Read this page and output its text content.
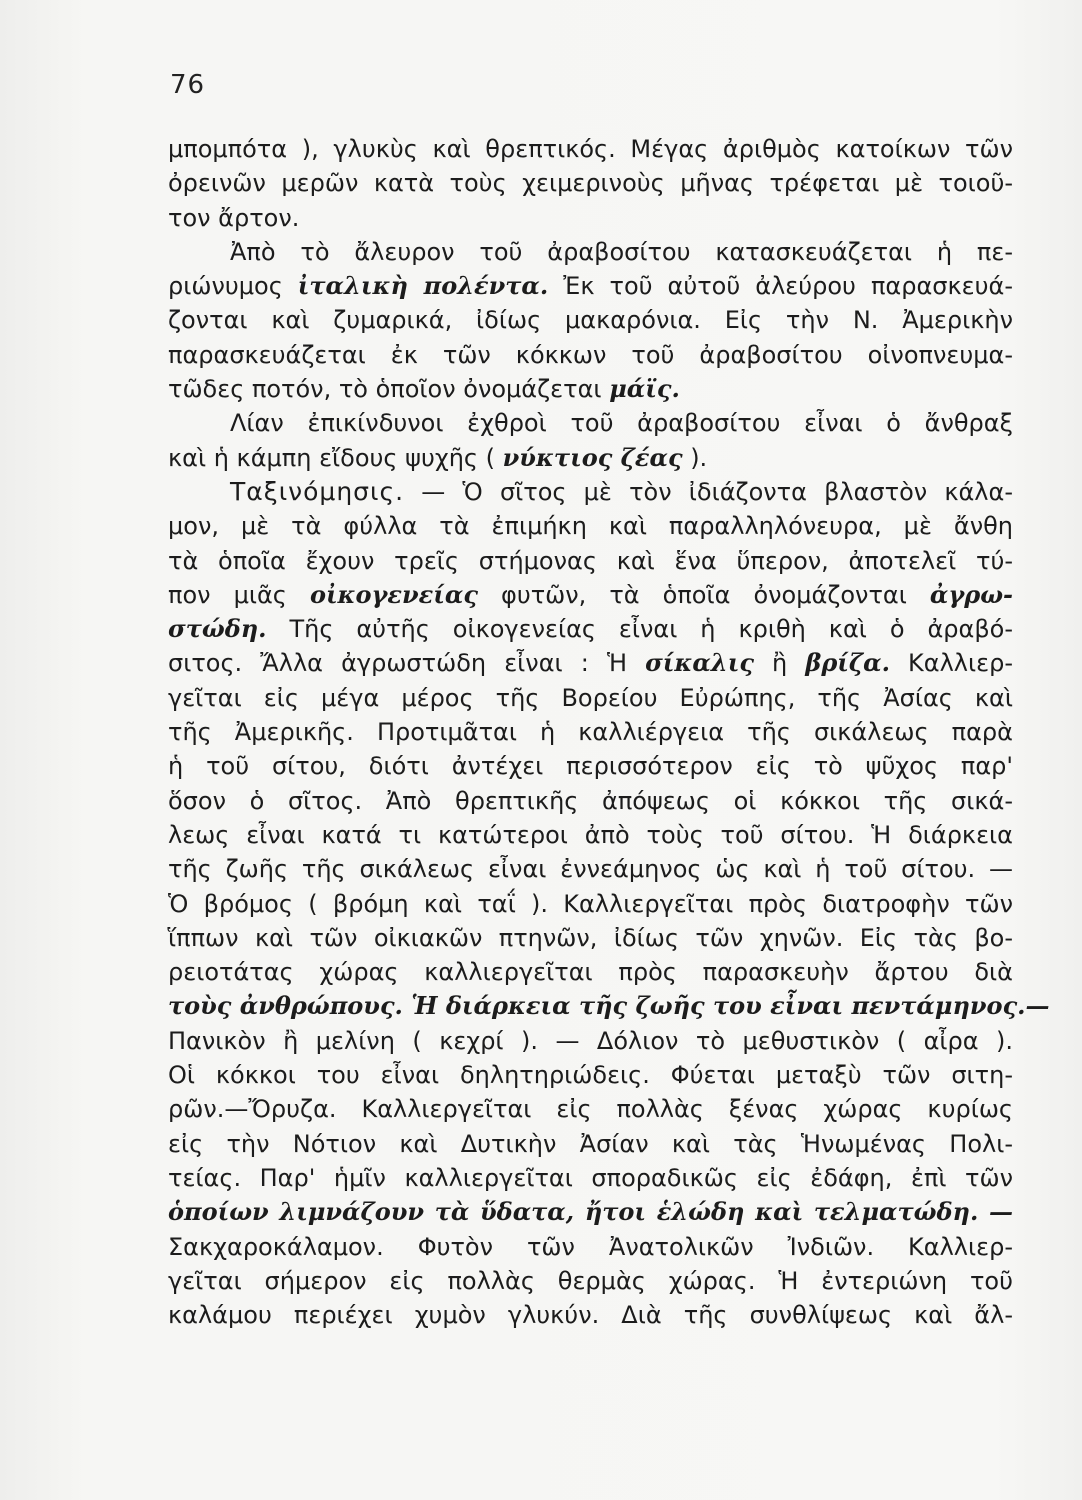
76
μπομπότα ), γλυκὺς καὶ θρεπτικός. Μέγας ἀριθμὸς κατοίκων τῶν
ὀρεινῶν μερῶν κατὰ τοὺς χειμερινοὺς μῆνας τρέφεται μὲ τοιοῦ-
τον ἄρτον.
Ἀπὸ τὸ ἄλευρον τοῦ ἀραβοσίτου κατασκευάζεται ἡ πε-
ριώνυμος ἰταλικὴ πολέντα. Ἐκ τοῦ αὐτοῦ ἀλεύρου παρασκευά-
ζονται καὶ ζυμαρικά, ἰδίως μακαρόνια. Εἰς τὴν Ν. Ἀμερικὴν
παρασκευάζεται ἐκ τῶν κόκκων τοῦ ἀραβοσίτου οἰνοπνευμα-
τῶδες ποτόν, τὸ ὁποῖον ὀνομάζεται μάϊς.
Λίαν ἐπικίνδυνοι ἐχθροὶ τοῦ ἀραβοσίτου εἶναι ὁ ἄνθραξ
καὶ ἡ κάμπη εἴδους ψυχῆς ( νύκτιος ζέας ).
Ταξινόμησις. — Ὁ σῖτος μὲ τὸν ἰδιάζοντα βλαστὸν κάλα-
μον, μὲ τὰ φύλλα τὰ ἐπιμήκη καὶ παραλληλόνευρα, μὲ ἄνθη
τὰ ὁποῖα ἔχουν τρεῖς στήμονας καὶ ἕνα ὕπερον, ἀποτελεῖ τύ-
πον μιᾶς οἰκογενείας φυτῶν, τὰ ὁποῖα ὀνομάζονται ἀγρω-
στώδη. Τῆς αὐτῆς οἰκογενείας εἶναι ἡ κριθὴ καὶ ὁ ἀραβό-
σιτος. Ἄλλα ἀγρωστώδη εἶναι : Ἡ σίκαλις ἢ βρίζα. Καλλιερ-
γεῖται εἰς μέγα μέρος τῆς Βορείου Εὐρώπης, τῆς Ἀσίας καὶ
τῆς Ἀμερικῆς. Προτιμᾶται ἡ καλλιέργεια τῆς σικάλεως παρὰ
ἡ τοῦ σίτου, διότι ἀντέχει περισσότερον εἰς τὸ ψῦχος παρ'
ὅσον ὁ σῖτος. Ἀπὸ θρεπτικῆς ἀπόψεως οἱ κόκκοι τῆς σικά-
λεως εἶναι κατά τι κατώτεροι ἀπὸ τοὺς τοῦ σίτου. Ἡ διάρκεια
τῆς ζωῆς τῆς σικάλεως εἶναι ἐννεάμηνος ὡς καὶ ἡ τοῦ σίτου. —
Ὁ βρόμος ( βρόμη καὶ ταΐ ). Καλλιεργεῖται πρὸς διατροφὴν τῶν
ἵππων καὶ τῶν οἰκιακῶν πτηνῶν, ἰδίως τῶν χηνῶν. Εἰς τὰς βο-
ρειοτάτας χώρας καλλιεργεῖται πρὸς παρασκευὴν ἄρτου διὰ
τοὺς ἀνθρώπους. Ἡ διάρκεια τῆς ζωῆς του εἶναι πεντάμηνος.—
Πανικὸν ἢ μελίνη ( κεχρί ). — Δόλιον τὸ μεθυστικὸν ( αἶρα ).
Οἱ κόκκοι του εἶναι δηλητηριώδεις. Φύεται μεταξὺ τῶν σιτη-
ρῶν.—Ὄρυζα. Καλλιεργεῖται εἰς πολλὰς ξένας χώρας κυρίως
εἰς τὴν Νότιον καὶ Δυτικὴν Ἀσίαν καὶ τὰς Ἡνωμένας Πολι-
τείας. Παρ' ἡμῖν καλλιεργεῖται σποραδικῶς εἰς ἐδάφη, ἐπὶ τῶν
ὁποίων λιμνάζουν τὰ ὕδατα, ἤτοι ἑλώδη καὶ τελματώδη. —
Σακχαροκάλαμον. Φυτὸν τῶν Ἀνατολικῶν Ἰνδιῶν. Καλλιερ-
γεῖται σήμερον εἰς πολλὰς θερμὰς χώρας. Ἡ ἐντεριώνη τοῦ
καλάμου περιέχει χυμὸν γλυκύν. Διὰ τῆς συνθλίψεως καὶ ἄλ-
